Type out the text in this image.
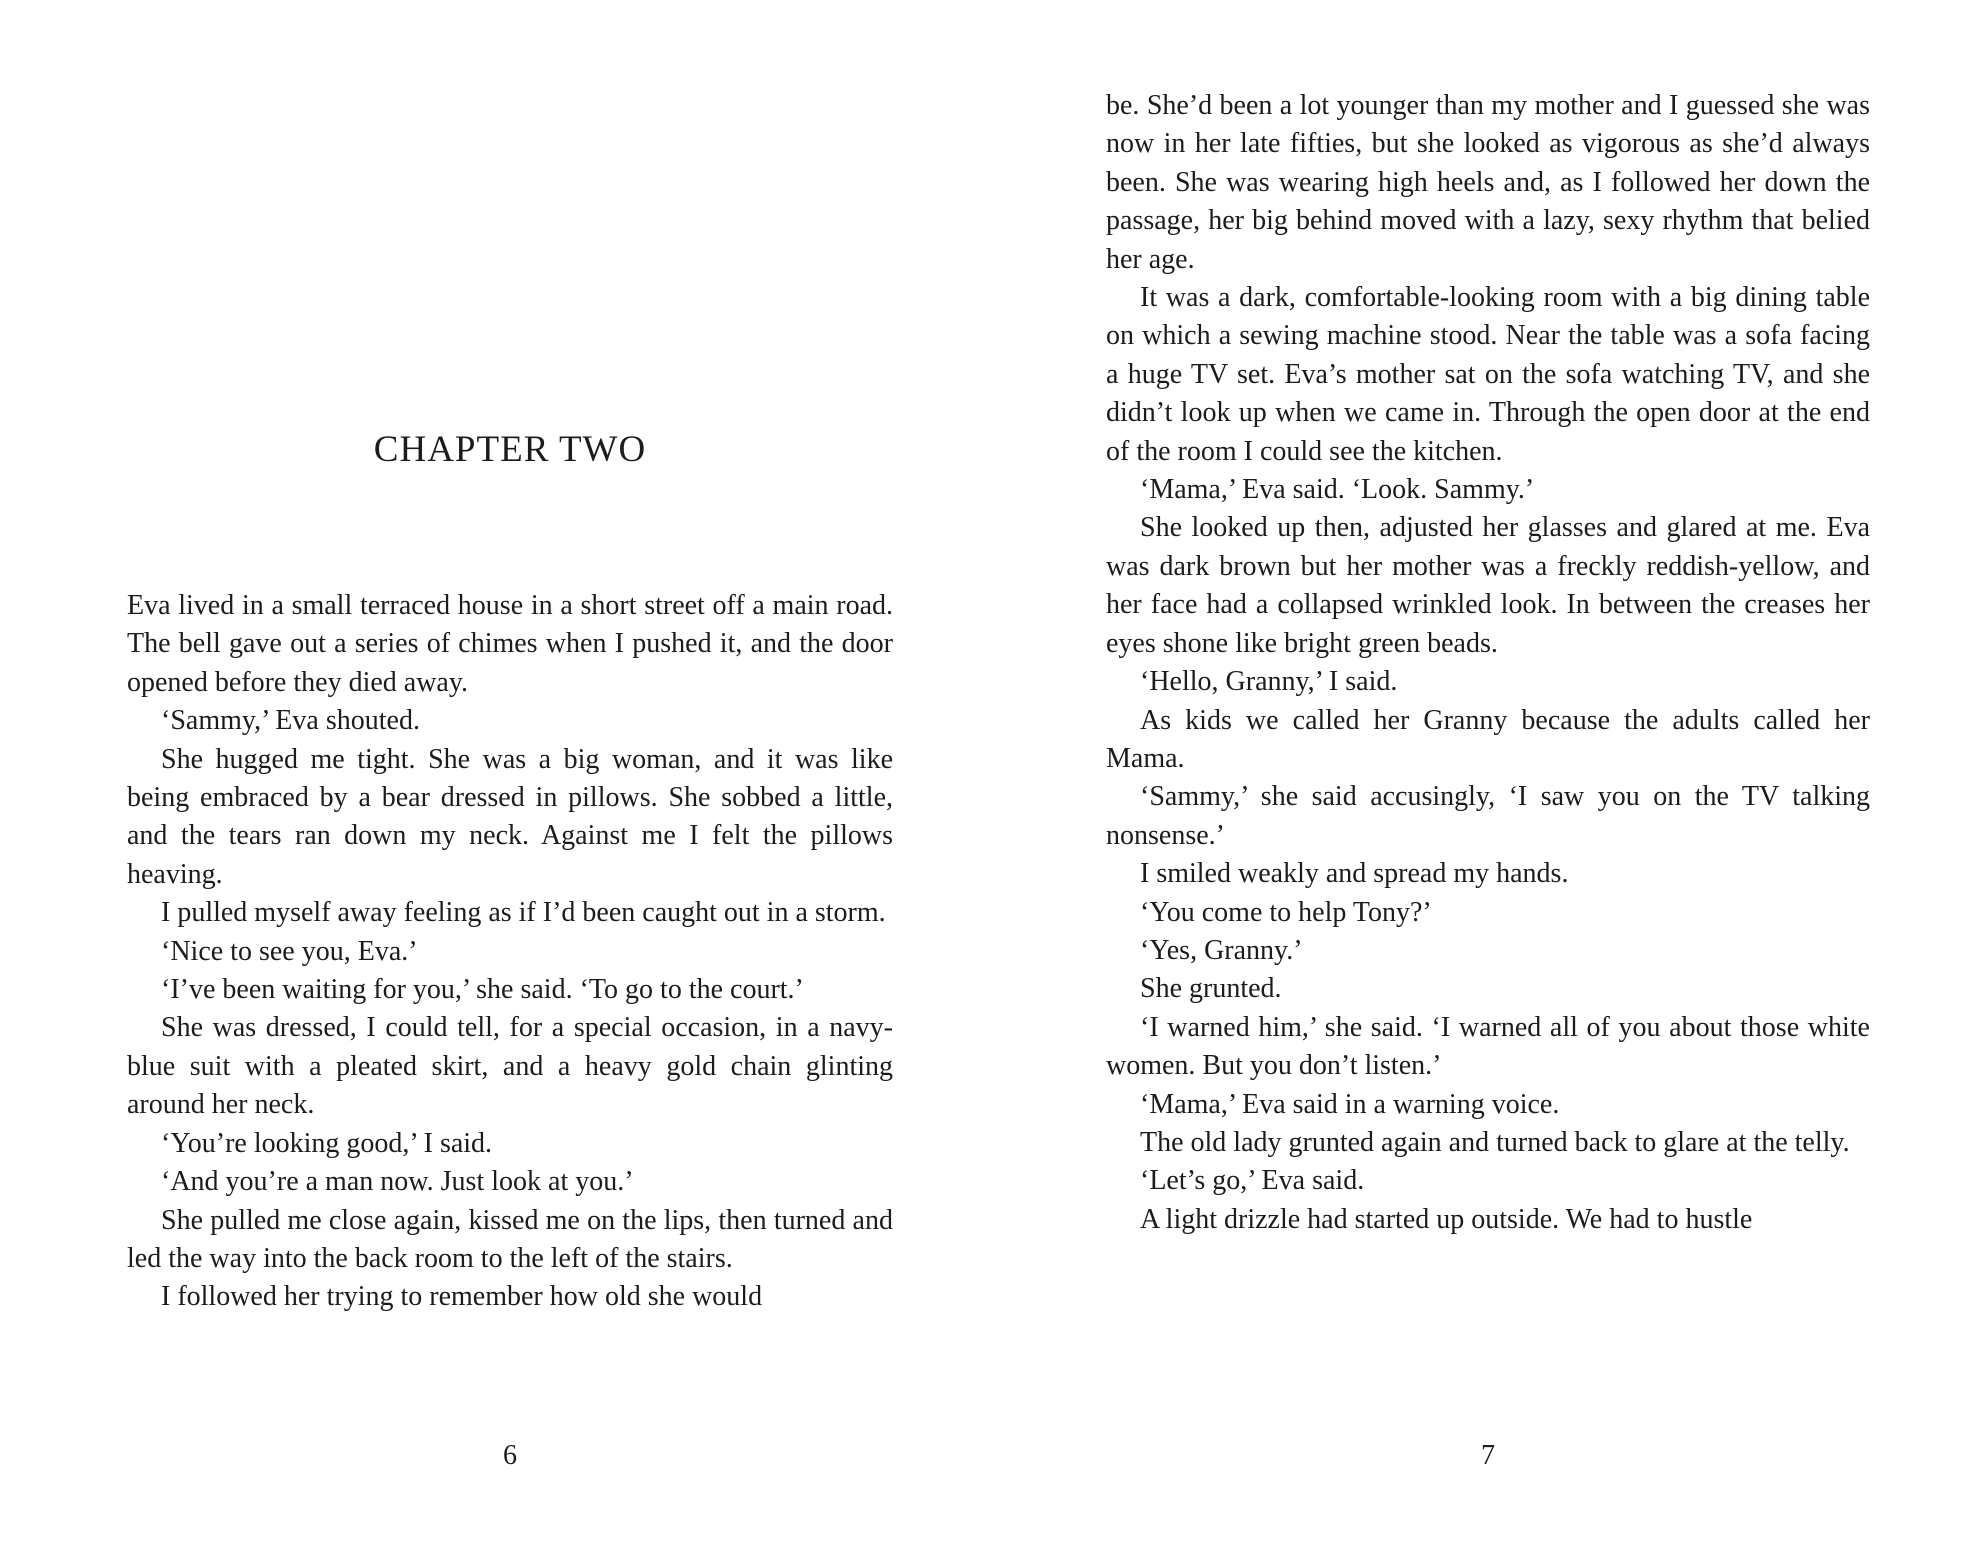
CHAPTER TWO

Eva lived in a small terraced house in a short street off a main road. The bell gave out a series of chimes when I pushed it, and the door opened before they died away.

‘Sammy,’ Eva shouted.

She hugged me tight. She was a big woman, and it was like being embraced by a bear dressed in pillows. She sobbed a little, and the tears ran down my neck. Against me I felt the pillows heaving.

I pulled myself away feeling as if I’d been caught out in a storm.

‘Nice to see you, Eva.’

‘I’ve been waiting for you,’ she said. ‘To go to the court.’

She was dressed, I could tell, for a special occasion, in a navy-blue suit with a pleated skirt, and a heavy gold chain glinting around her neck.

‘You’re looking good,’ I said.

‘And you’re a man now. Just look at you.’

She pulled me close again, kissed me on the lips, then turned and led the way into the back room to the left of the stairs.

I followed her trying to remember how old she would

6

be. She’d been a lot younger than my mother and I guessed she was now in her late fifties, but she looked as vigorous as she’d always been. She was wearing high heels and, as I followed her down the passage, her big behind moved with a lazy, sexy rhythm that belied her age.

It was a dark, comfortable-looking room with a big dining table on which a sewing machine stood. Near the table was a sofa facing a huge TV set. Eva’s mother sat on the sofa watching TV, and she didn’t look up when we came in. Through the open door at the end of the room I could see the kitchen.

‘Mama,’ Eva said. ‘Look. Sammy.’

She looked up then, adjusted her glasses and glared at me. Eva was dark brown but her mother was a freckly reddish-yellow, and her face had a collapsed wrinkled look. In between the creases her eyes shone like bright green beads.

‘Hello, Granny,’ I said.

As kids we called her Granny because the adults called her Mama.

‘Sammy,’ she said accusingly, ‘I saw you on the TV talking nonsense.’

I smiled weakly and spread my hands.

‘You come to help Tony?’

‘Yes, Granny.’

She grunted.

‘I warned him,’ she said. ‘I warned all of you about those white women. But you don’t listen.’

‘Mama,’ Eva said in a warning voice.

The old lady grunted again and turned back to glare at the telly.

‘Let’s go,’ Eva said.

A light drizzle had started up outside. We had to hustle

7
